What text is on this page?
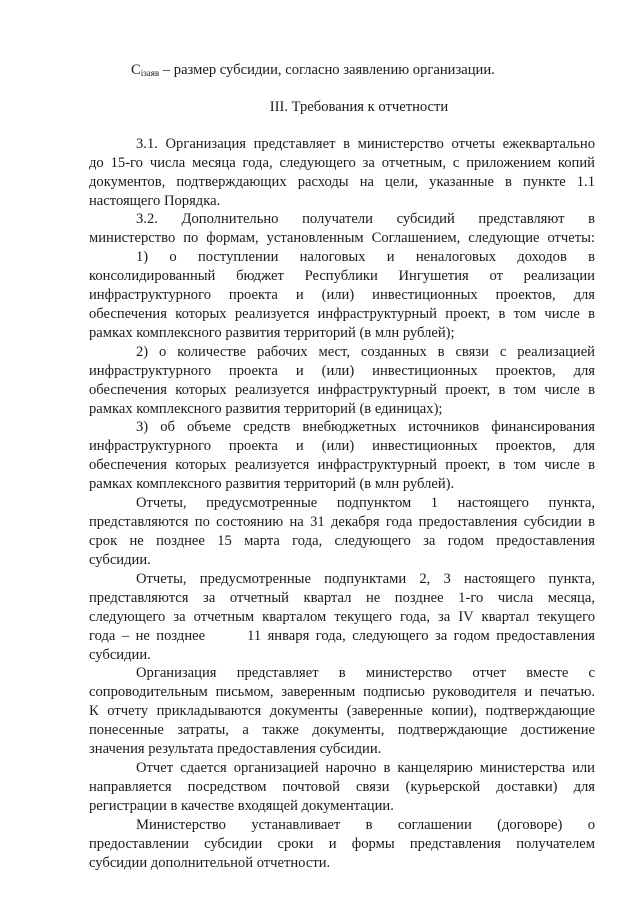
$C_{iзаяв}$ – размер субсидии, согласно заявлению организации.
III. Требования к отчетности
3.1. Организация представляет в министерство отчеты ежеквартально
до 15-го числа месяца года, следующего за отчетным, с приложением копий
документов, подтверждающих расходы на цели, указанные в пункте 1.1
настоящего Порядка.
3.2. Дополнительно получатели субсидий представляют в
министерство по формам, установленным Соглашением, следующие отчеты:
1) о поступлении налоговых и неналоговых доходов в
консолидированный бюджет Республики Ингушетия от реализации
инфраструктурного проекта и (или) инвестиционных проектов, для
обеспечения которых реализуется инфраструктурный проект, в том числе в
рамках комплексного развития территорий (в млн рублей);
2) о количестве рабочих мест, созданных в связи с реализацией
инфраструктурного проекта и (или) инвестиционных проектов, для
обеспечения которых реализуется инфраструктурный проект, в том числе в
рамках комплексного развития территорий (в единицах);
3) об объеме средств внебюджетных источников финансирования
инфраструктурного проекта и (или) инвестиционных проектов, для
обеспечения которых реализуется инфраструктурный проект, в том числе в
рамках комплексного развития территорий (в млн рублей).
Отчеты, предусмотренные подпунктом 1 настоящего пункта,
представляются по состоянию на 31 декабря года предоставления субсидии в
срок не позднее 15 марта года, следующего за годом предоставления
субсидии.
Отчеты, предусмотренные подпунктами 2, 3 настоящего пункта,
представляются за отчетный квартал не позднее 1-го числа месяца,
следующего за отчетным кварталом текущего года, за IV квартал текущего
года – не позднее	11 января года, следующего за годом предоставления
субсидии.
Организация представляет в министерство отчет вместе с
сопроводительным письмом, заверенным подписью руководителя и печатью.
К отчету прикладываются документы (заверенные копии), подтверждающие
понесенные затраты, а также документы, подтверждающие достижение
значения результата предоставления субсидии.
Отчет сдается организацией нарочно в канцелярию министерства или
направляется посредством почтовой связи (курьерской доставки) для
регистрации в качестве входящей документации.
Министерство устанавливает в соглашении (договоре) о
предоставлении субсидии сроки и формы представления получателем
субсидии дополнительной отчетности.
